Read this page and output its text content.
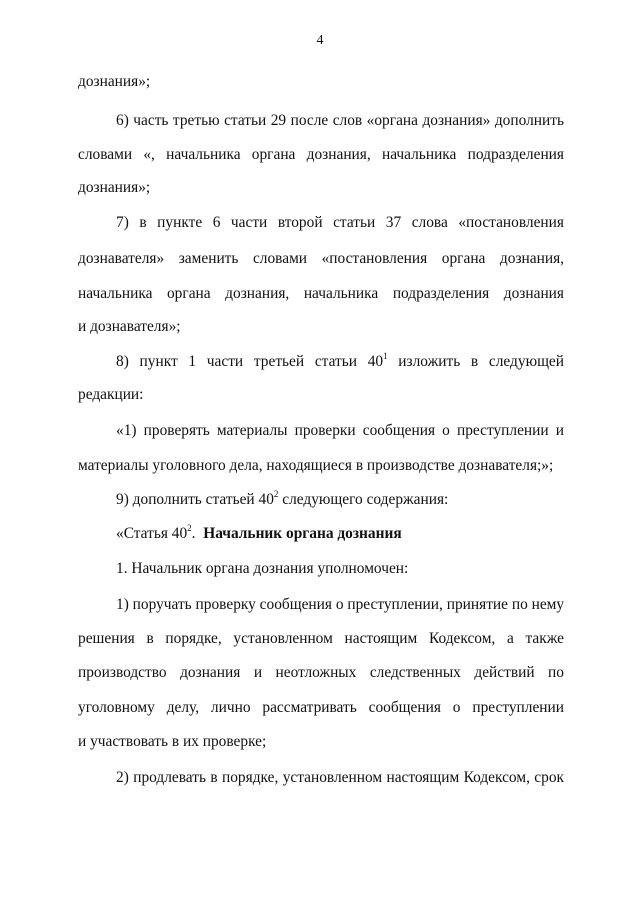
4
дознания»;
6) часть третью статьи 29 после слов «органа дознания» дополнить
словами «, начальника органа дознания, начальника подразделения
дознания»;
7) в пункте 6 части второй статьи 37 слова «постановления
дознавателя» заменить словами «постановления органа дознания,
начальника органа дознания, начальника подразделения дознания
и дознавателя»;
8) пункт 1 части третьей статьи $40^1$ изложить в следующей
редакции:
«1) проверять материалы проверки сообщения о преступлении и
материалы уголовного дела, находящиеся в производстве дознавателя;»;
9) дополнить статьей $40^2$ следующего содержания:
«Статья $40^2$. Начальник органа дознания
1. Начальник органа дознания уполномочен:
1) поручать проверку сообщения о преступлении, принятие по нему
решения в порядке, установленном настоящим Кодексом, а также
производство дознания и неотложных следственных действий по
уголовному делу, лично рассматривать сообщения о преступлении
и участвовать в их проверке;
2) продлевать в порядке, установленном настоящим Кодексом, срок
